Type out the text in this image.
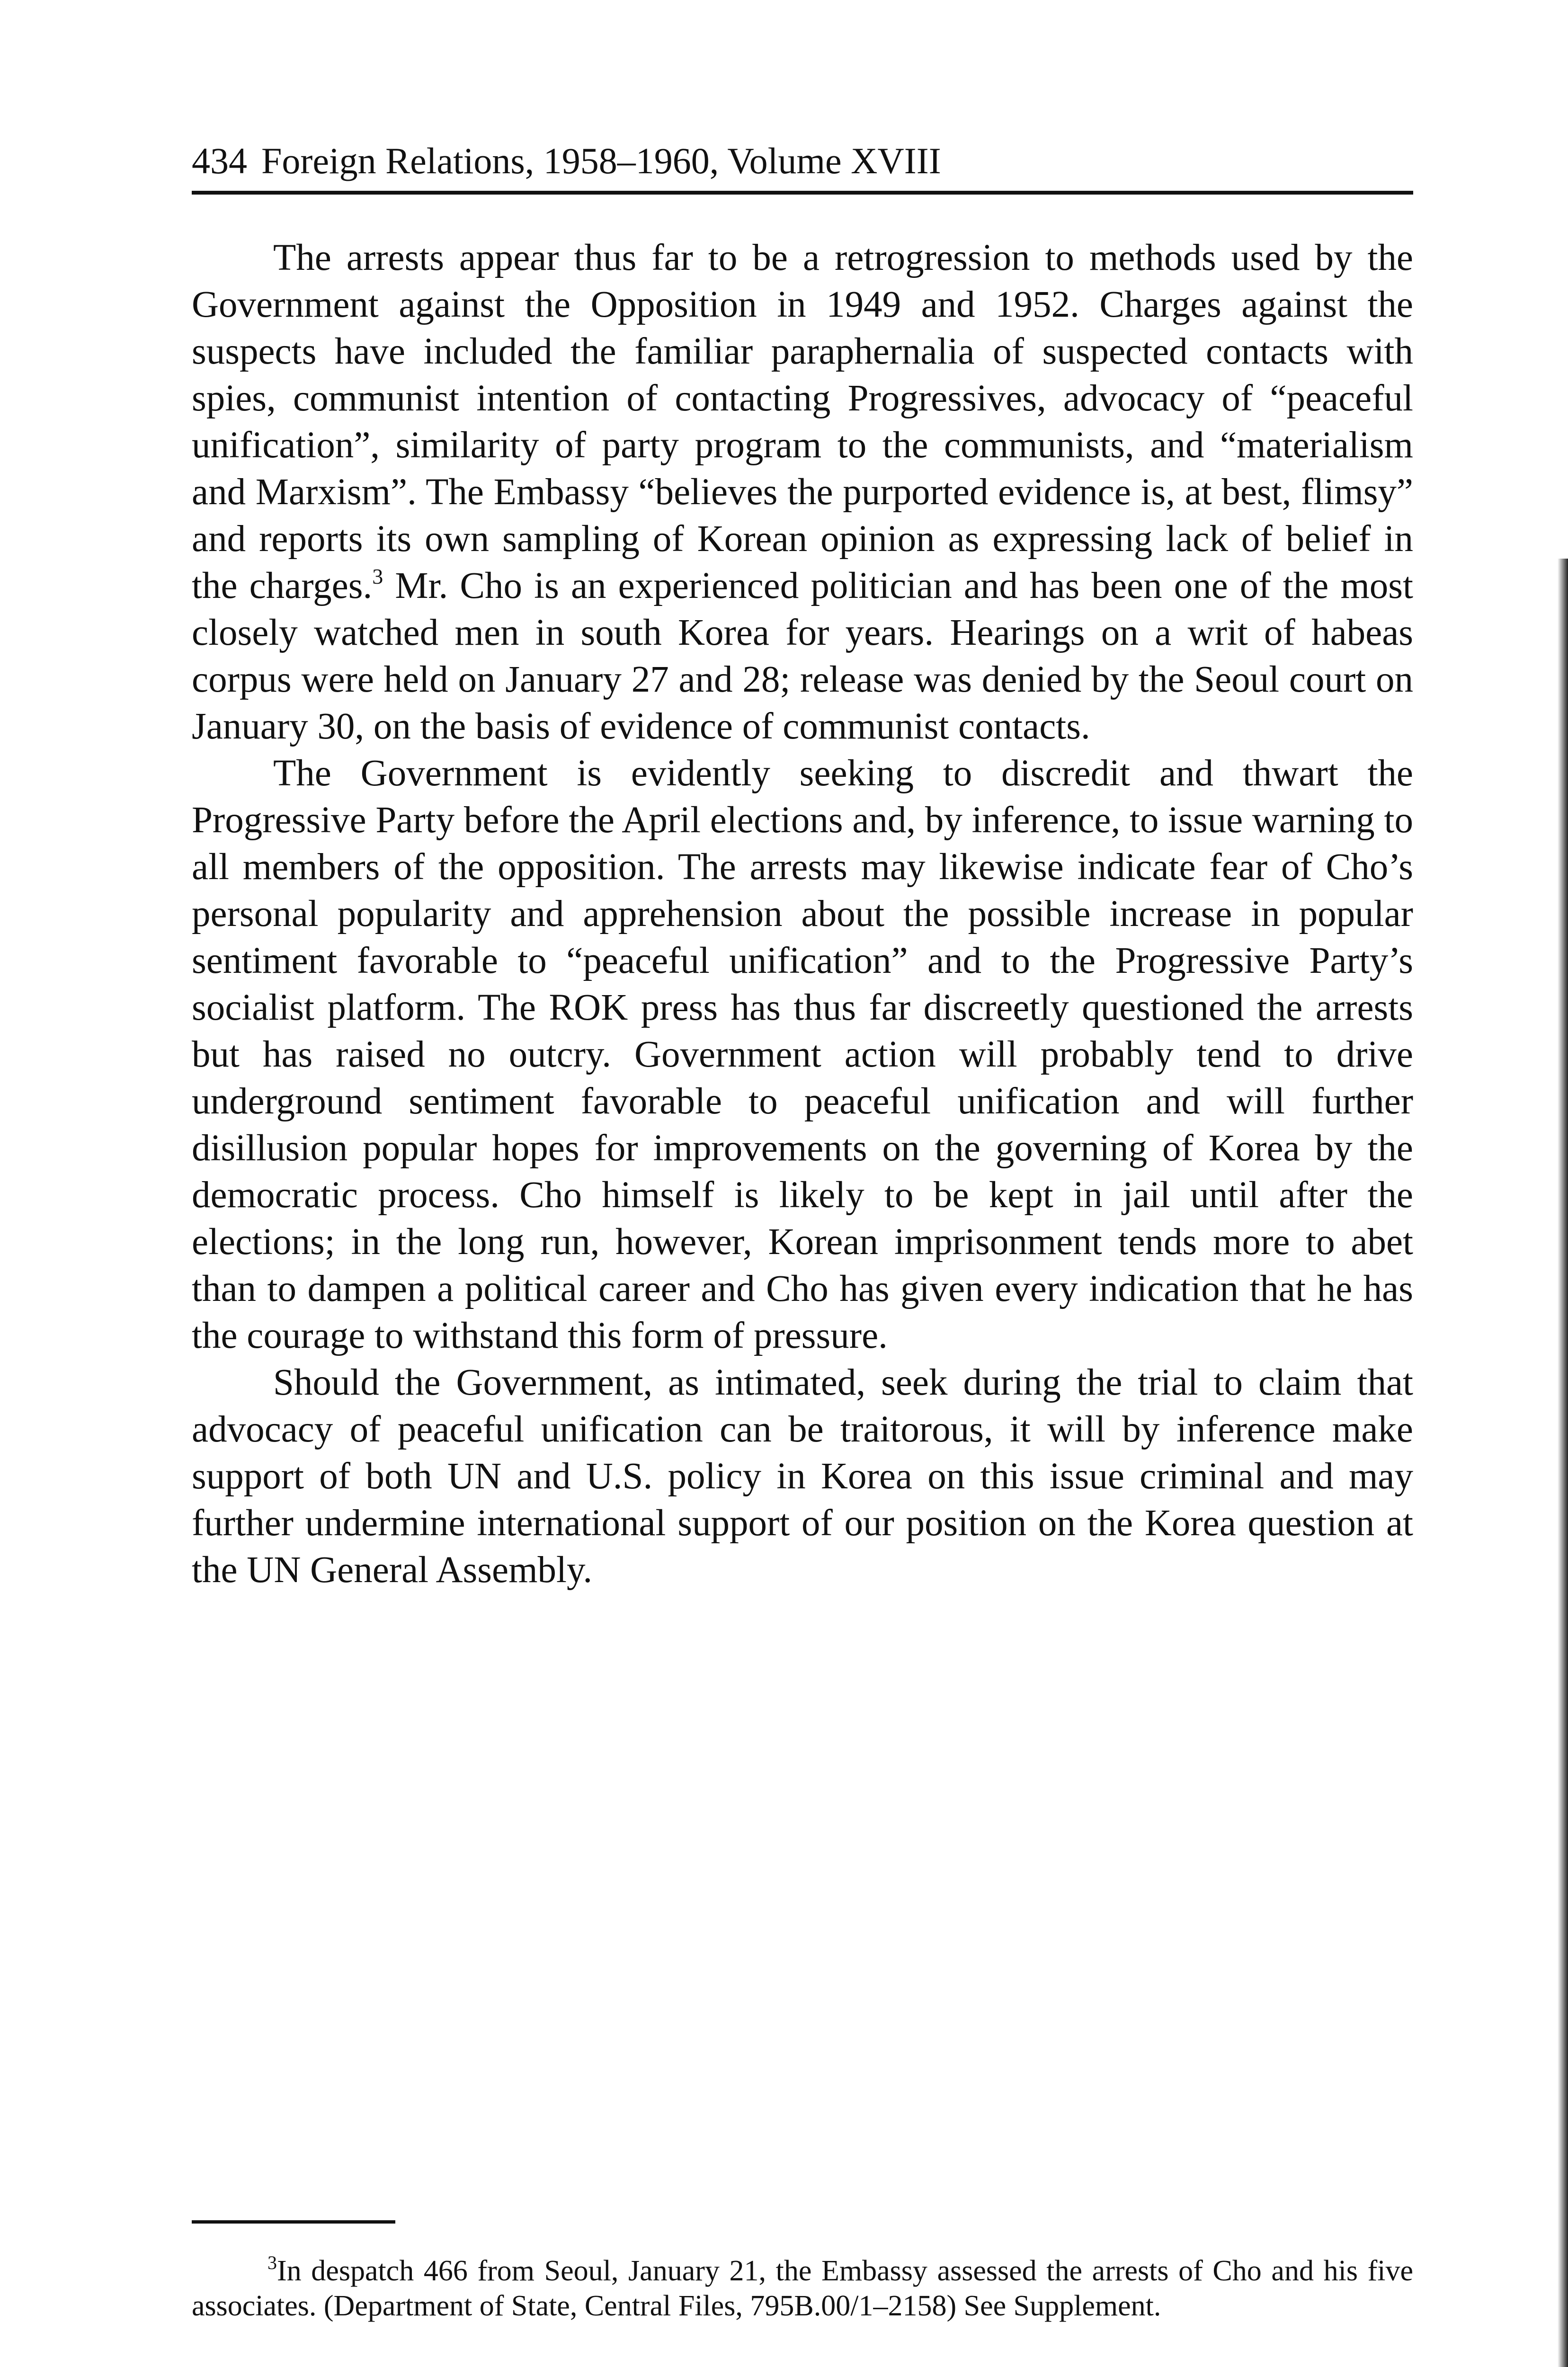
434 Foreign Relations, 1958–1960, Volume XVIII

The arrests appear thus far to be a retrogression to methods used by the Government against the Opposition in 1949 and 1952. Charges against the suspects have included the familiar paraphernalia of suspected contacts with spies, communist intention of contacting Progressives, advocacy of “peaceful unification”, similarity of party program to the communists, and “materialism and Marxism”. The Embassy “believes the purported evidence is, at best, flimsy” and reports its own sampling of Korean opinion as expressing lack of belief in the charges.$^3$ Mr. Cho is an experienced politician and has been one of the most closely watched men in south Korea for years. Hearings on a writ of habeas corpus were held on January 27 and 28; release was denied by the Seoul court on January 30, on the basis of evidence of communist contacts.

The Government is evidently seeking to discredit and thwart the Progressive Party before the April elections and, by inference, to issue warning to all members of the opposition. The arrests may likewise indicate fear of Cho’s personal popularity and apprehension about the possible increase in popular sentiment favorable to “peaceful unification” and to the Progressive Party’s socialist platform. The ROK press has thus far discreetly questioned the arrests but has raised no outcry. Government action will probably tend to drive underground sentiment favorable to peaceful unification and will further disillusion popular hopes for improvements on the governing of Korea by the democratic process. Cho himself is likely to be kept in jail until after the elections; in the long run, however, Korean imprisonment tends more to abet than to dampen a political career and Cho has given every indication that he has the courage to withstand this form of pressure.

Should the Government, as intimated, seek during the trial to claim that advocacy of peaceful unification can be traitorous, it will by inference make support of both UN and U.S. policy in Korea on this issue criminal and may further undermine international support of our position on the Korea question at the UN General Assembly.

$^3$In despatch 466 from Seoul, January 21, the Embassy assessed the arrests of Cho and his five associates. (Department of State, Central Files, 795B.00/1–2158) See Supplement.
